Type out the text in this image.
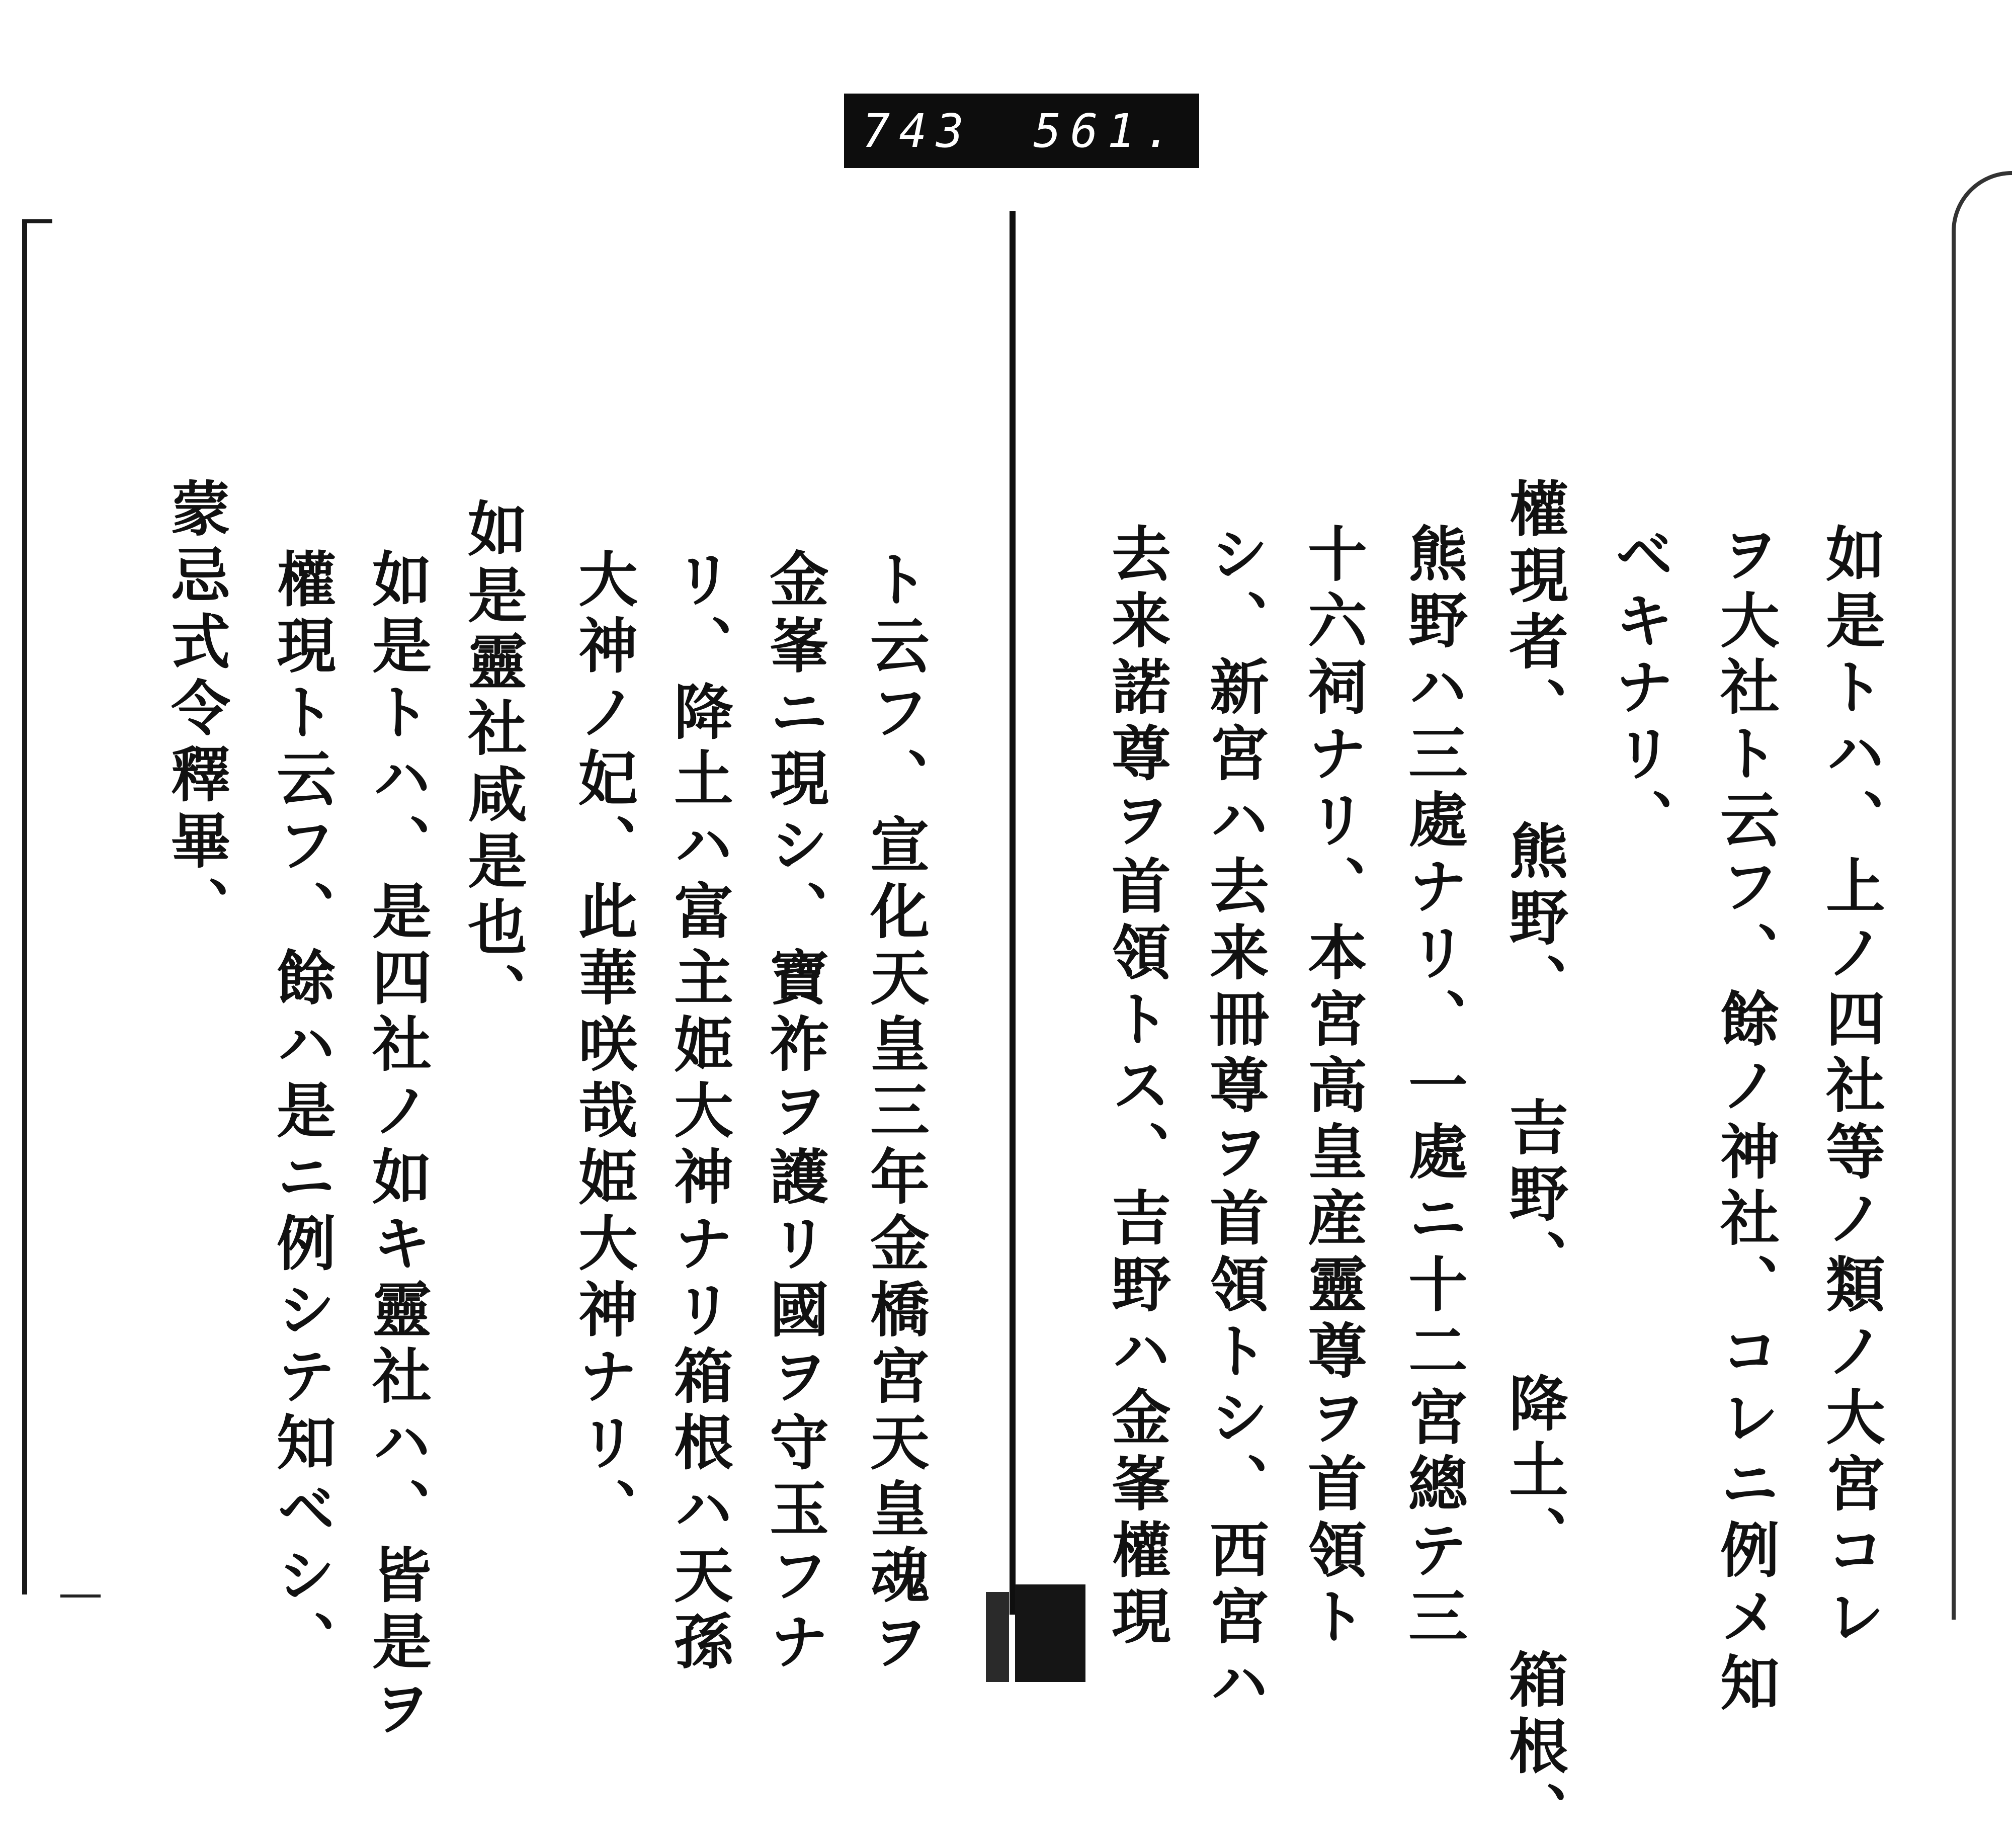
743 561.
如是トハ、上ノ四社等ノ類ノ大宮コレ
ヲ大社ト云フ、餘ノ神社、コレニ例メ知
ベキナリ、
權現者、 熊野、 吉野、 降土、 箱根、
熊野ハ三處ナリ、一處ニ十二宮總テ三
十六祠ナリ、本宮高皇産靈尊ヲ首領ト
シ、新宮ハ去来冊尊ヲ首領トシ、西宮ハ
去来諾尊ヲ首領トス、吉野ハ金峯權現
ト云フ、宣化天皇三年金橋宮天皇魂ヲ
金峯ニ現シ、寶祚ヲ護リ國ヲ守玉フナ
リ、降土ハ富主姫大神ナリ箱根ハ天孫
大神ノ妃、此華咲哉姫大神ナリ、
如是靈社咸是也、
如是トハ、是四社ノ如キ靈社ハ、皆是ヲ
權現ト云フ、餘ハ是ニ例シテ知ベシ、
蒙忌式令釋畢、
